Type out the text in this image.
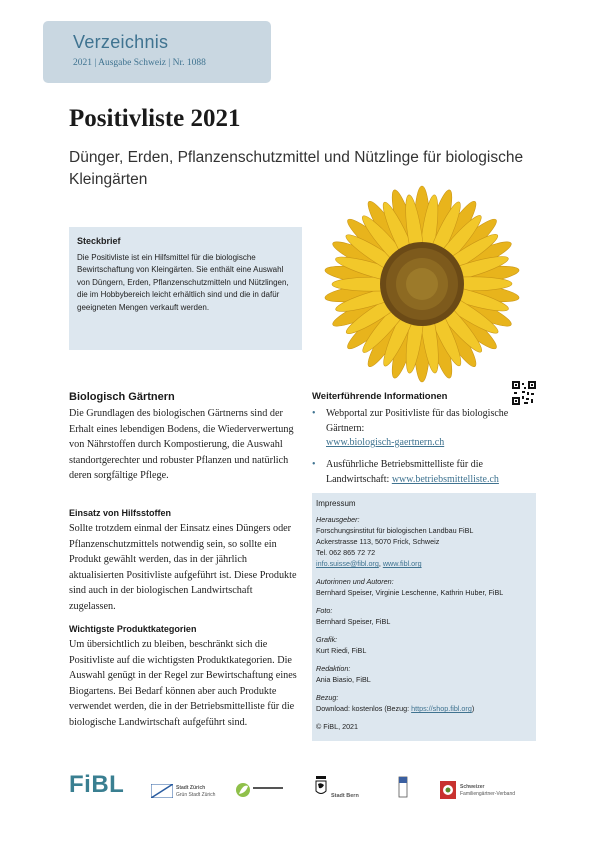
Verzeichnis
2021 | Ausgabe Schweiz | Nr. 1088
Positivliste 2021
Dünger, Erden, Pflanzenschutzmittel und Nützlinge für biologische Kleingärten
Steckbrief
Die Positivliste ist ein Hilfsmittel für die biologische Bewirtschaftung von Kleingärten. Sie enthält eine Auswahl von Düngern, Erden, Pflanzenschutzmitteln und Nützlingen, die im Hobbybereich leicht erhältlich sind und die in dafür geeigneten Mengen verkauft werden.
Biologisch Gärtnern
Die Grundlagen des biologischen Gärtnerns sind der Erhalt eines lebendigen Bodens, die Wiederverwertung von Nährstoffen durch Kompostierung, die Auswahl standortgerechter und robuster Pflanzen und natürlich deren sorgfältige Pflege.
Einsatz von Hilfsstoffen
Sollte trotzdem einmal der Einsatz eines Düngers oder Pflanzenschutzmittels notwendig sein, so sollte ein Produkt gewählt werden, das in der jährlich aktualisierten Positivliste aufgeführt ist. Diese Produkte sind auch in der biologischen Landwirtschaft zugelassen.
Wichtigste Produktkategorien
Um übersichtlich zu bleiben, beschränkt sich die Positivliste auf die wichtigsten Produktkategorien. Die Auswahl genügt in der Regel zur Bewirtschaftung eines Biogartens. Bei Bedarf können aber auch Produkte verwendet werden, die in der Betriebsmittelliste für die biologische Landwirtschaft aufgeführt sind.
Weiterführende Informationen
• Webportal zur Positivliste für das biologische Gärtnern:
www.biologisch-gaertnern.ch
• Ausführliche Betriebsmittelliste für die Landwirtschaft: www.betriebsmittelliste.ch
Impressum
Herausgeber:
Forschungsinstitut für biologischen Landbau FiBL
Ackerstrasse 113, 5070 Frick, Schweiz
Tel. 062 865 72 72
info.suisse@fibl.org, www.fibl.org
Autorinnen und Autoren:
Bernhard Speiser, Virginie Leschenne, Kathrin Huber, FiBL
Foto:
Bernhard Speiser, FiBL
Grafik:
Kurt Riedi, FiBL
Redaktion:
Ania Biasio, FiBL
Bezug:
Download: kostenlos (Bezug: https://shop.fibl.org)
© FiBL, 2021
FiBL	Stadt Zürich
Grün Stadt Zürich	Stadt Bern
Schweizer
Familiengärtner-Verband
